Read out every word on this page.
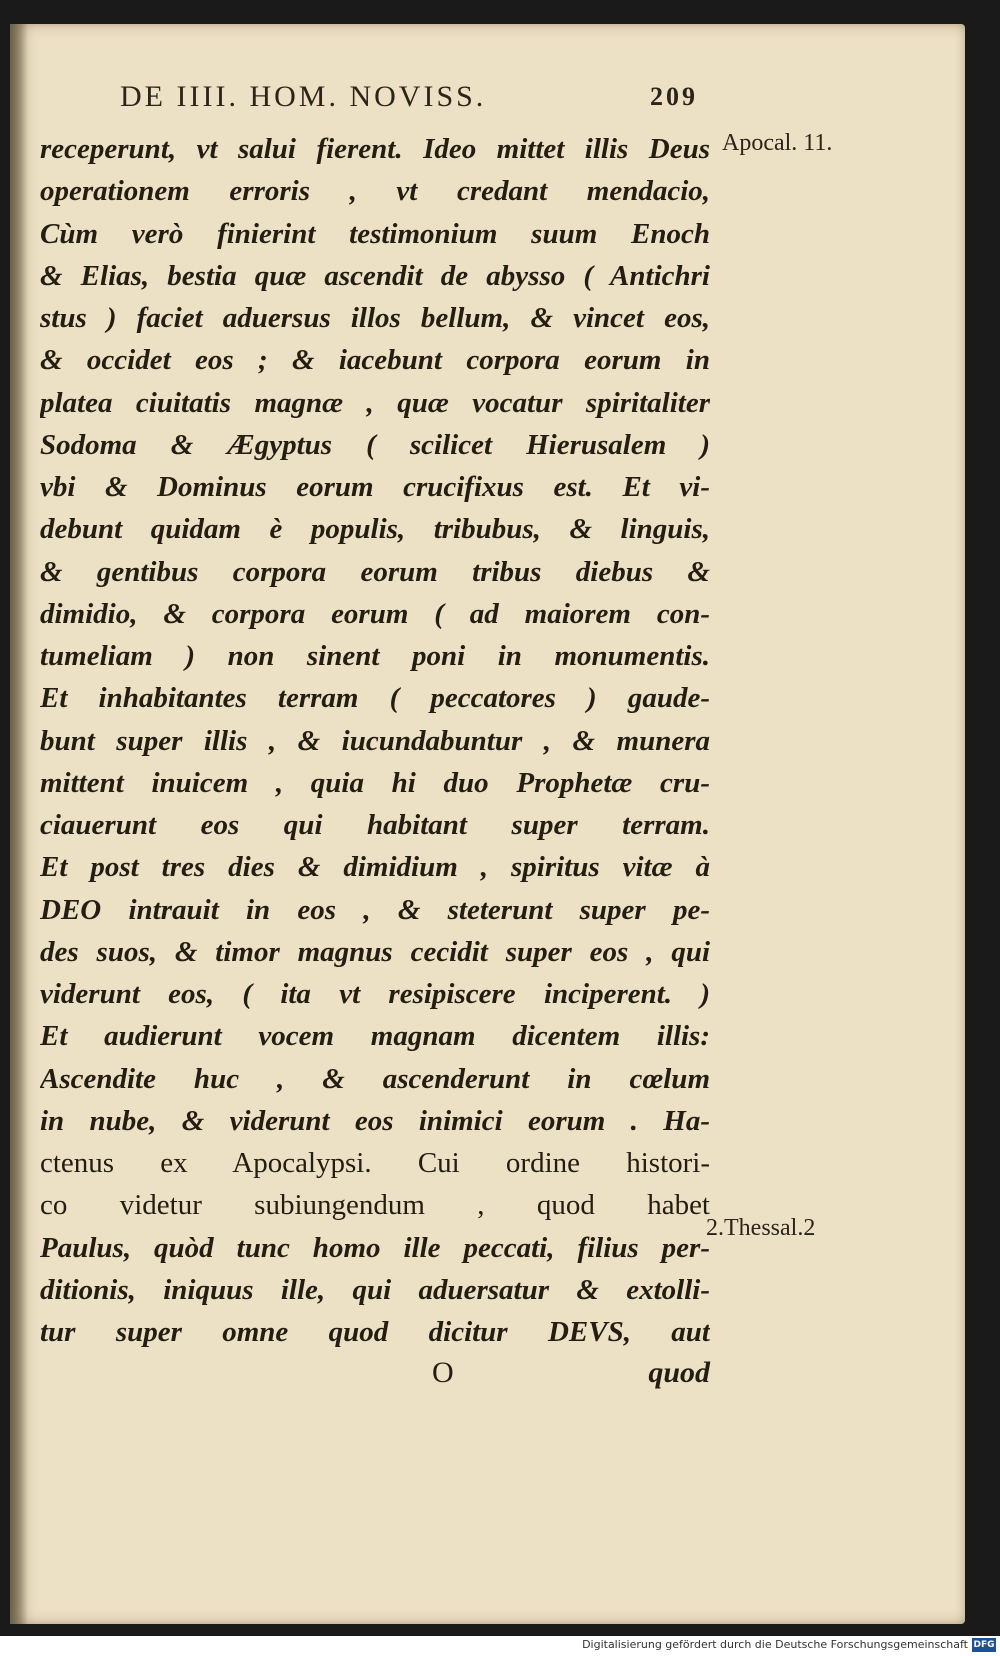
DE IIII. HOM. NOVISS.	209
receperunt, vt salui fierent. Ideo mittet illis Deus
operationem erroris , vt credant mendacio,
Cùm verò finierint testimonium suum Enoch
& Elias, bestia quæ ascendit de abysso ( Antichri
stus ) faciet aduersus illos bellum, & vincet eos,
& occidet eos ; & iacebunt corpora eorum in
platea ciuitatis magnæ , quæ vocatur spiritaliter
Sodoma & Ægyptus ( scilicet Hierusalem )
vbi & Dominus eorum crucifixus est. Et vi-
debunt quidam è populis, tribubus, & linguis,
& gentibus corpora eorum tribus diebus &
dimidio, & corpora eorum ( ad maiorem con-
tumeliam ) non sinent poni in monumentis.
Et inhabitantes terram ( peccatores ) gaude-
bunt super illis , & iucundabuntur , & munera
mittent inuicem , quia hi duo Prophetæ cru-
ciauerunt eos qui habitant super terram.
Et post tres dies & dimidium , spiritus vitæ à
DEO intrauit in eos , & steterunt super pe-
des suos, & timor magnus cecidit super eos , qui
viderunt eos, ( ita vt resipiscere inciperent. )
Et audierunt vocem magnam dicentem illis:
Ascendite huc , & ascenderunt in cœlum
in nube, & viderunt eos inimici eorum . Ha-
ctenus ex Apocalypsi. Cui ordine histori-
co videtur subiungendum , quod habet
Paulus, quòd tunc homo ille peccati, filius per-
ditionis, iniquus ille, qui aduersatur & extolli-
tur super omne quod dicitur DEVS, aut
Apocal. 11.
2.Thessal.2
O	quod
Digitalisierung gefördert durch die Deutsche Forschungsgemeinschaft DFG
